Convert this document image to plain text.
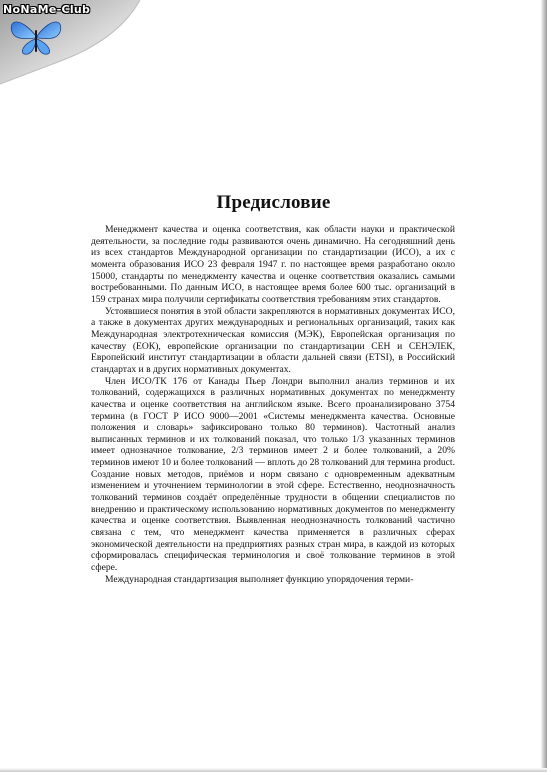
NoNaMe-Club
Предисловие

Менеджмент качества и оценка соответствия, как области науки и практической деятельности, за последние годы развиваются очень динамично. На сегодняшний день из всех стандартов Международной организации по стандартизации (ИСО), а их с момента образования ИСО 23 февраля 1947 г. по настоящее время разработано около 15000, стандарты по менеджменту качества и оценке соответствия оказались самыми востребованными. По данным ИСО, в настоящее время более 600 тыс. организаций в 159 странах мира получили сертификаты соответствия требованиям этих стандартов.

Устоявшиеся понятия в этой области закрепляются в нормативных документах ИСО, а также в документах других международных и региональных организаций, таких как Международная электротехническая комиссия (МЭК), Европейская организация по качеству (ЕОК), европейские организации по стандартизации СЕН и СЕНЭЛЕК, Европейский институт стандартизации в области дальней связи (ETSI), в Российский стандартах и в других нормативных документах.

Член ИСО/ТК 176 от Канады Пьер Лондри выполнил анализ терминов и их толкований, содержащихся в различных нормативных документах по менеджменту качества и оценке соответствия на английском языке. Всего проанализировано 3754 термина (в ГОСТ Р ИСО 9000—2001 «Системы менеджмента качества. Основные положения и словарь» зафиксировано только 80 терминов). Частотный анализ выписанных терминов и их толкований показал, что только 1/3 указанных терминов имеет однозначное толкование, 2/3 терминов имеет 2 и более толкований, а 20% терминов имеют 10 и более толкований — вплоть до 28 толкований для термина product. Создание новых методов, приёмов и норм связано с одновременным адекватным изменением и уточнением терминологии в этой сфере. Естественно, неоднозначность толкований терминов создаёт определённые трудности в общении специалистов по внедрению и практическому использованию нормативных документов по менеджменту качества и оценке соответствия. Выявленная неоднозначность толкований частично связана с тем, что менеджмент качества применяется в различных сферах экономической деятельности на предприятиях разных стран мира, в каждой из которых сформировалась специфическая терминология и своё толкование терминов в этой сфере.

Международная стандартизация выполняет функцию упорядочения терми-
